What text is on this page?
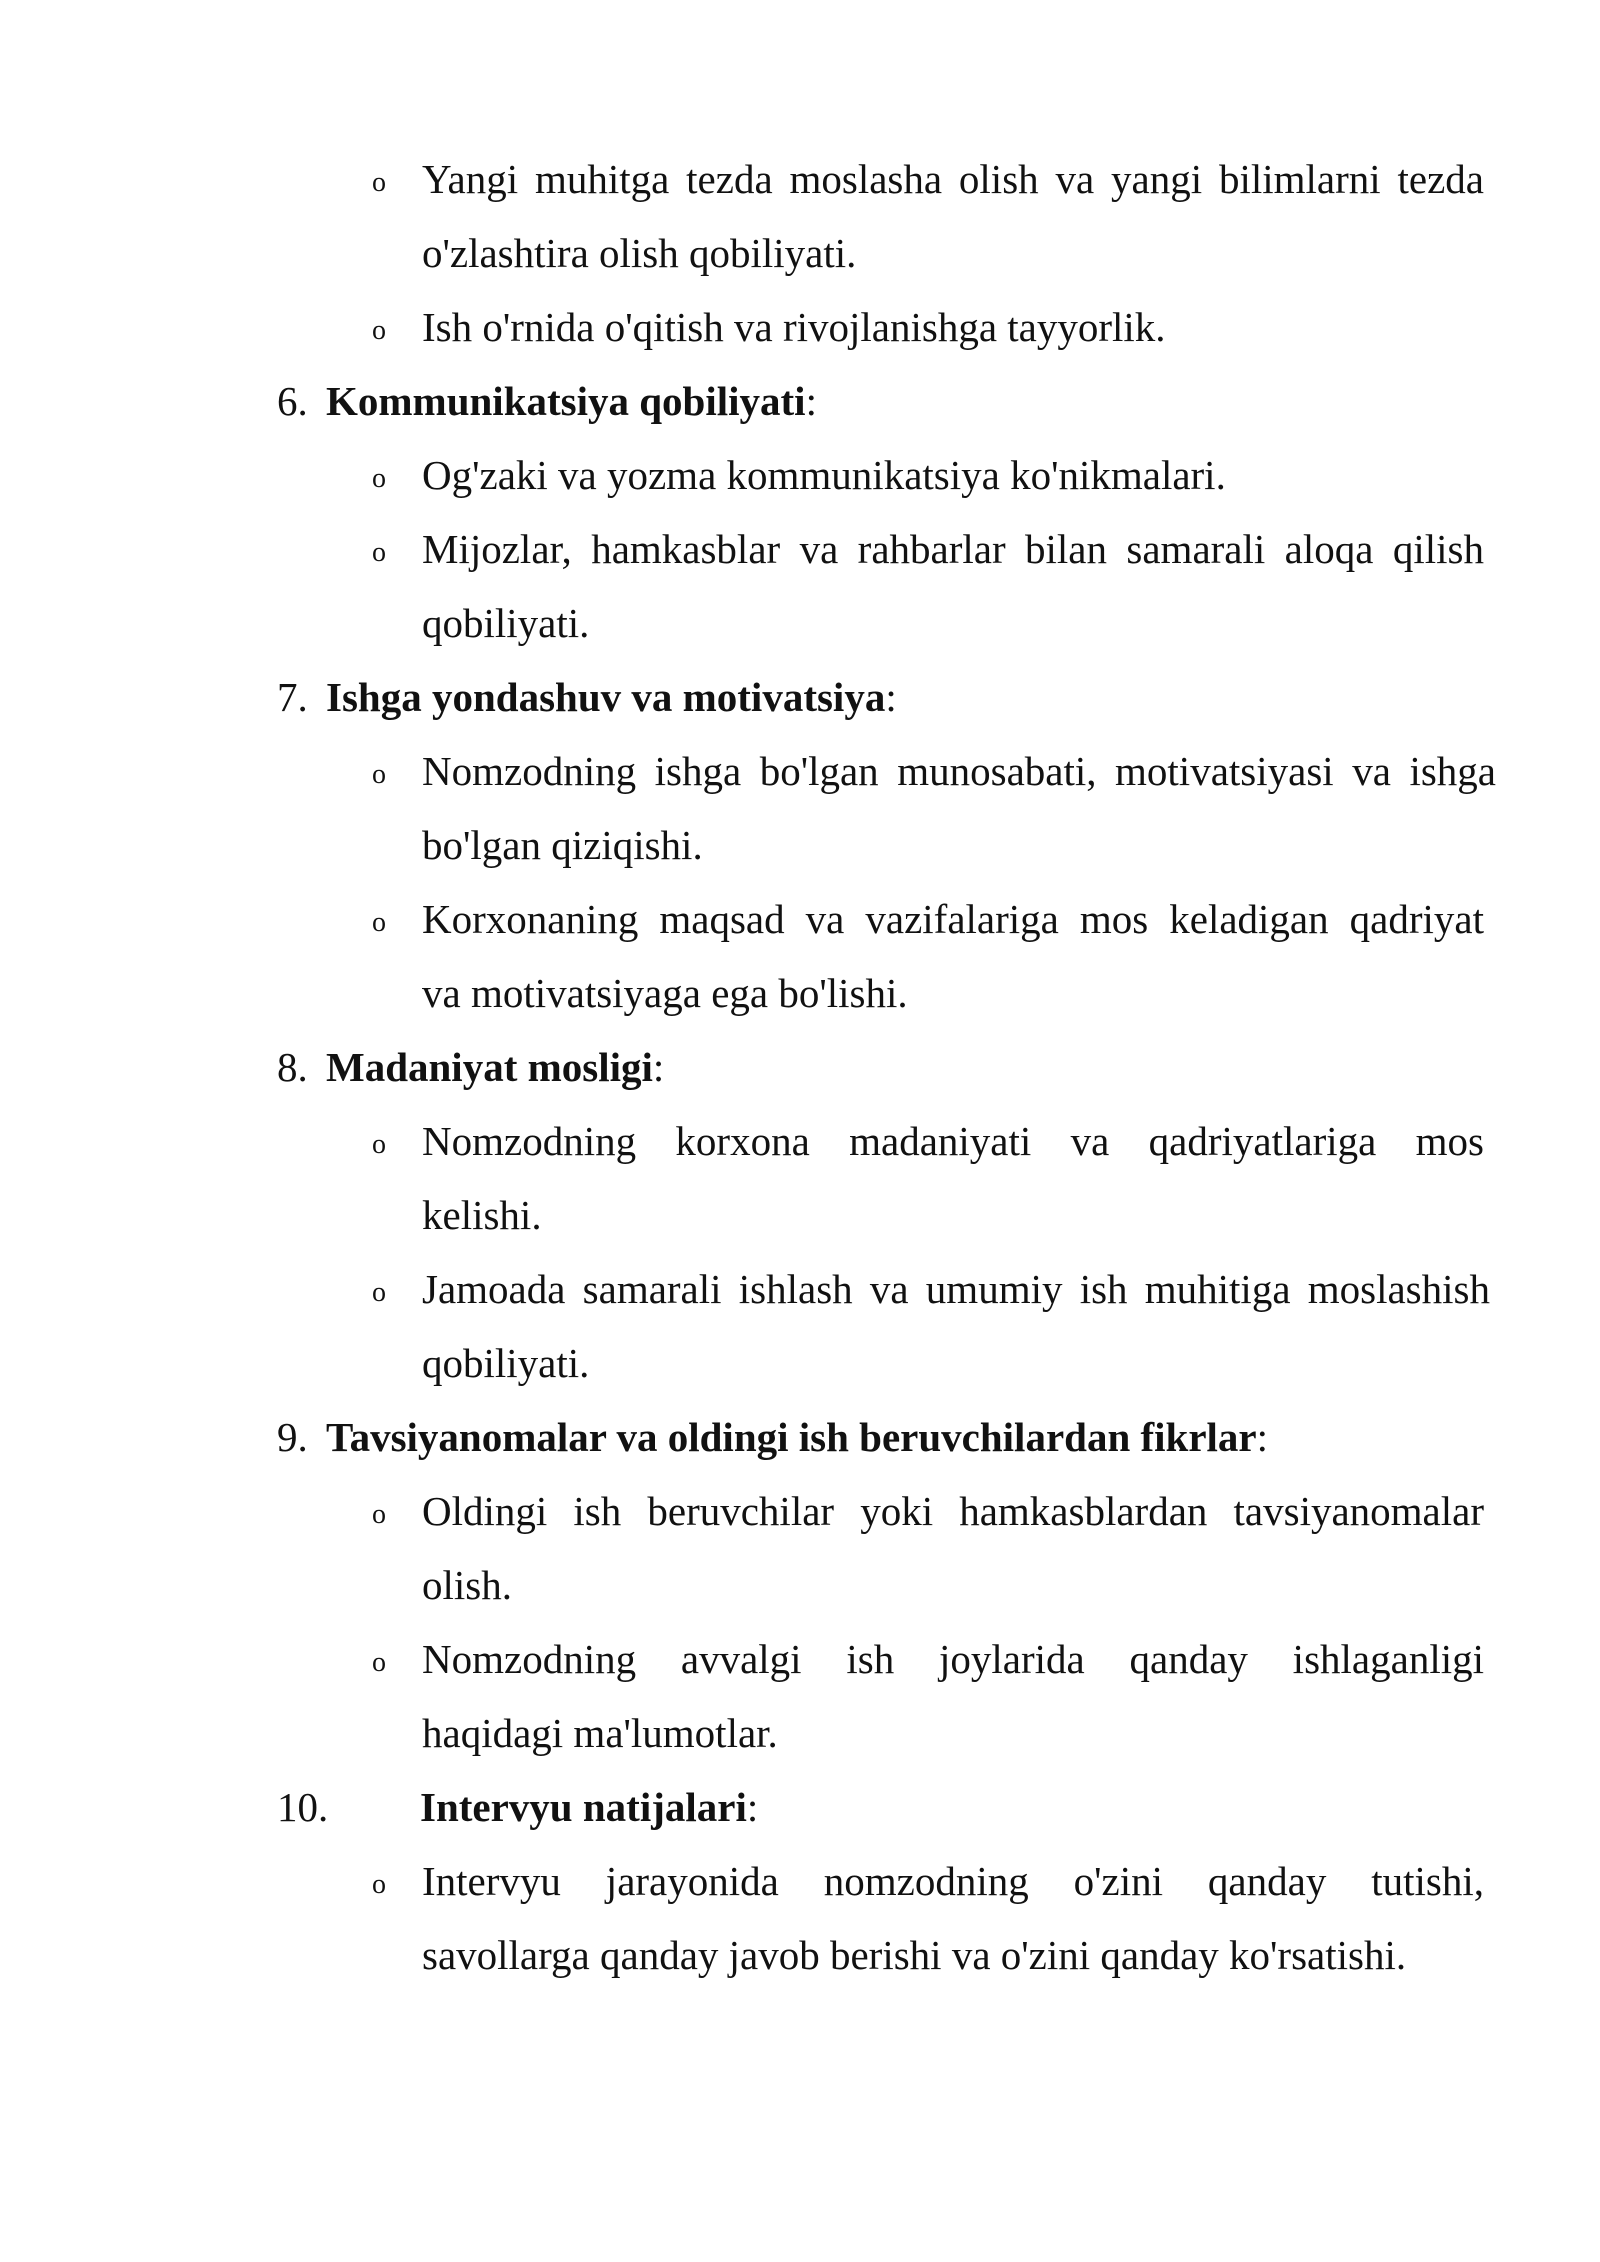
o Yangi muhitga tezda moslasha olish va yangi bilimlarni tezda
o'zlashtira olish qobiliyati.
o Ish o'rnida o'qitish va rivojlanishga tayyorlik.
6. Kommunikatsiya qobiliyati:
o Og'zaki va yozma kommunikatsiya ko'nikmalari.
o Mijozlar, hamkasblar va rahbarlar bilan samarali aloqa qilish
qobiliyati.
7. Ishga yondashuv va motivatsiya:
o Nomzodning ishga bo'lgan munosabati, motivatsiyasi va ishga
bo'lgan qiziqishi.
o Korxonaning maqsad va vazifalariga mos keladigan qadriyat
va motivatsiyaga ega bo'lishi.
8. Madaniyat mosligi:
o Nomzodning korxona madaniyati va qadriyatlariga mos
kelishi.
o Jamoada samarali ishlash va umumiy ish muhitiga moslashish
qobiliyati.
9. Tavsiyanomalar va oldingi ish beruvchilardan fikrlar:
o Oldingi ish beruvchilar yoki hamkasblardan tavsiyanomalar
olish.
o Nomzodning avvalgi ish joylarida qanday ishlaganligi
haqidagi ma'lumotlar.
10. Intervyu natijalari:
o Intervyu jarayonida nomzodning o'zini qanday tutishi,
savollarga qanday javob berishi va o'zini qanday ko'rsatishi.
